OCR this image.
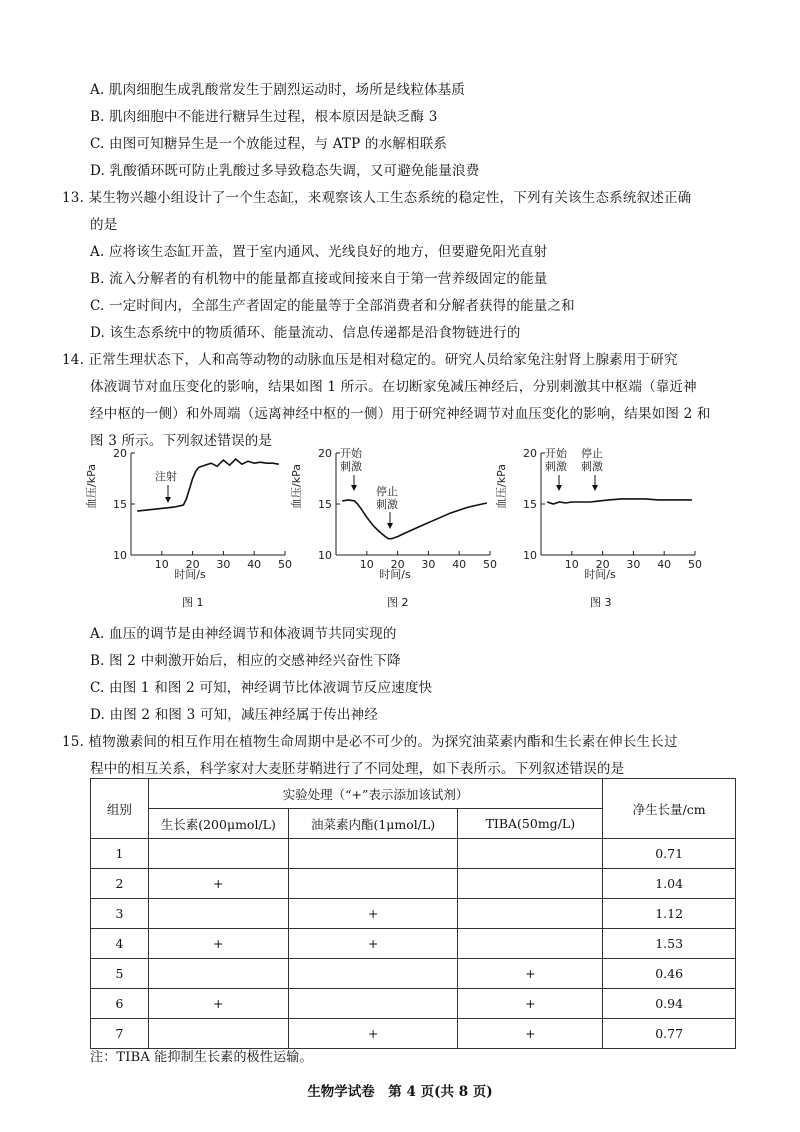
A. 肌肉细胞生成乳酸常发生于剧烈运动时，场所是线粒体基质
B. 肌肉细胞中不能进行糖异生过程，根本原因是缺乏酶 3
C. 由图可知糖异生是一个放能过程，与 ATP 的水解相联系
D. 乳酸循环既可防止乳酸过多导致稳态失调，又可避免能量浪费
13. 某生物兴趣小组设计了一个生态缸，来观察该人工生态系统的稳定性，下列有关该生态系统叙述正确
的是
A. 应将该生态缸开盖，置于室内通风、光线良好的地方，但要避免阳光直射
B. 流入分解者的有机物中的能量都直接或间接来自于第一营养级固定的能量
C. 一定时间内，全部生产者固定的能量等于全部消费者和分解者获得的能量之和
D. 该生态系统中的物质循环、能量流动、信息传递都是沿食物链进行的
14. 正常生理状态下，人和高等动物的动脉血压是相对稳定的。研究人员给家兔注射肾上腺素用于研究
体液调节对血压变化的影响，结果如图 1 所示。在切断家兔减压神经后，分别刺激其中枢端（靠近神
经中枢的一侧）和外周端（远离神经中枢的一侧）用于研究神经调节对血压变化的影响，结果如图 2 和
图 3 所示。下列叙述错误的是
血压/kPa
10
15
20
10 20 30 40 50
时间/s
注射
图 1
血压/kPa
10
15
20
10 20 30 40 50
时间/s
开始
刺激
停止
刺激
图 2
血压/kPa
10
15
20
10 20 30 40 50
时间/s
开始
刺激
停止
刺激
图 3
A. 血压的调节是由神经调节和体液调节共同实现的
B. 图 2 中刺激开始后，相应的交感神经兴奋性下降
C. 由图 1 和图 2 可知，神经调节比体液调节反应速度快
D. 由图 2 和图 3 可知，减压神经属于传出神经
15. 植物激素间的相互作用在植物生命周期中是必不可少的。为探究油菜素内酯和生长素在伸长生长过
程中的相互关系，科学家对大麦胚芽鞘进行了不同处理，如下表所示。下列叙述错误的是
组别	实验处理（“+”表示添加该试剂）			净生长量/cm
	生长素(200μmol/L)	油菜素内酯(1μmol/L)	TIBA(50mg/L)	
1				0.71
2	+			1.04
3		+		1.12
4	+	+		1.53
5			+	0.46
6	+		+	0.94
7		+	+	0.77
注：TIBA 能抑制生长素的极性运输。
生物学试卷　第 4 页(共 8 页)
